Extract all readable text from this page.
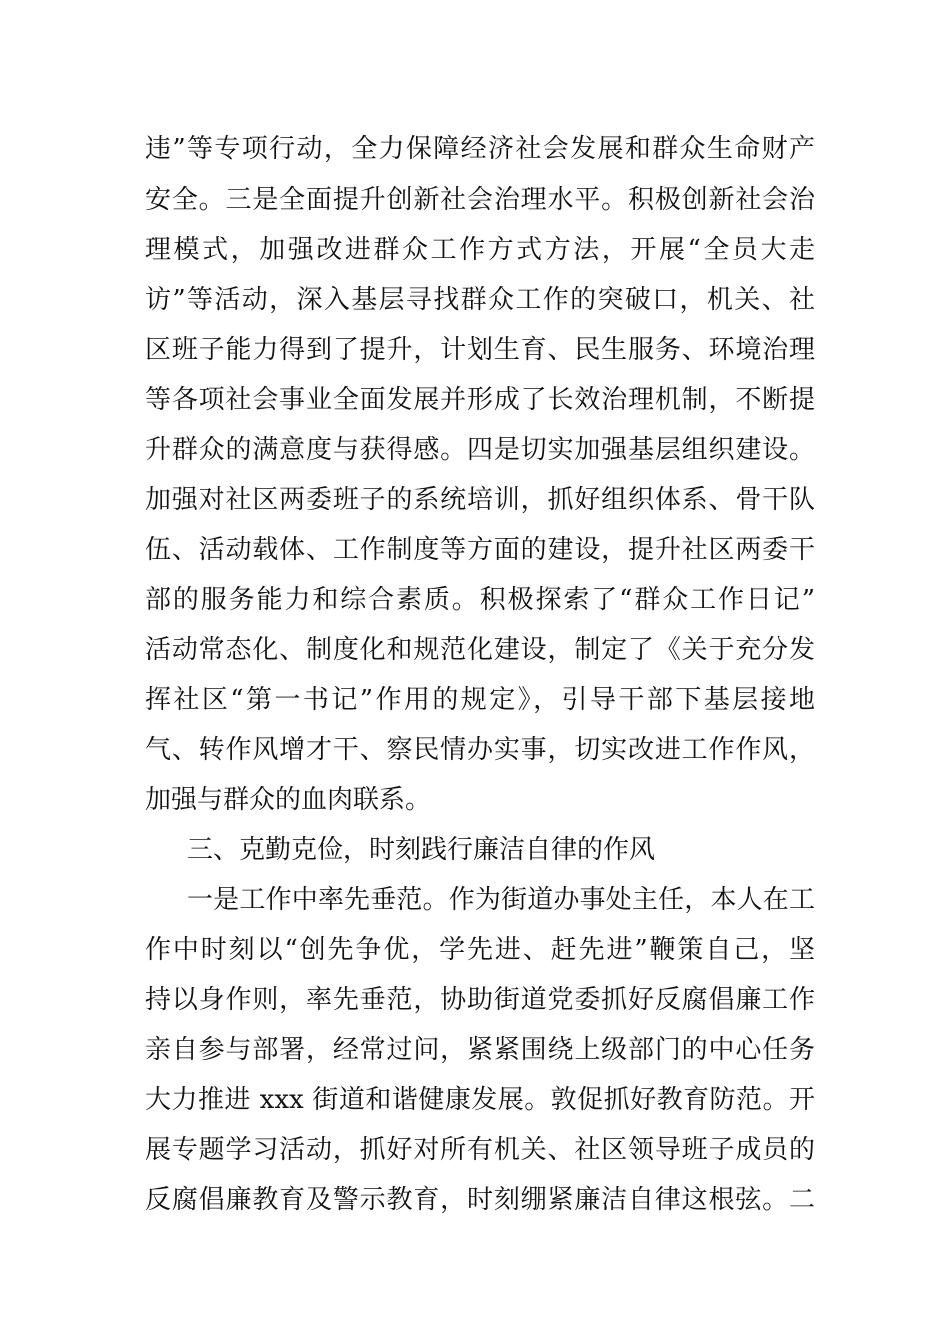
违”等专项行动，全力保障经济社会发展和群众生命财产
安全。三是全面提升创新社会治理水平。积极创新社会治
理模式，加强改进群众工作方式方法，开展“全员大走
访”等活动，深入基层寻找群众工作的突破口，机关、社
区班子能力得到了提升，计划生育、民生服务、环境治理
等各项社会事业全面发展并形成了长效治理机制，不断提
升群众的满意度与获得感。四是切实加强基层组织建设。
加强对社区两委班子的系统培训，抓好组织体系、骨干队
伍、活动载体、工作制度等方面的建设，提升社区两委干
部的服务能力和综合素质。积极探索了“群众工作日记”
活动常态化、制度化和规范化建设，制定了《关于充分发
挥社区“第一书记”作用的规定》，引导干部下基层接地
气、转作风增才干、察民情办实事，切实改进工作作风，
加强与群众的血肉联系。
三、克勤克俭，时刻践行廉洁自律的作风
一是工作中率先垂范。作为街道办事处主任，本人在工
作中时刻以“创先争优，学先进、赶先进”鞭策自己，坚
持以身作则，率先垂范，协助街道党委抓好反腐倡廉工作
亲自参与部署，经常过问，紧紧围绕上级部门的中心任务
大力推进 xxx 街道和谐健康发展。敦促抓好教育防范。开
展专题学习活动，抓好对所有机关、社区领导班子成员的
反腐倡廉教育及警示教育，时刻绷紧廉洁自律这根弦。二
